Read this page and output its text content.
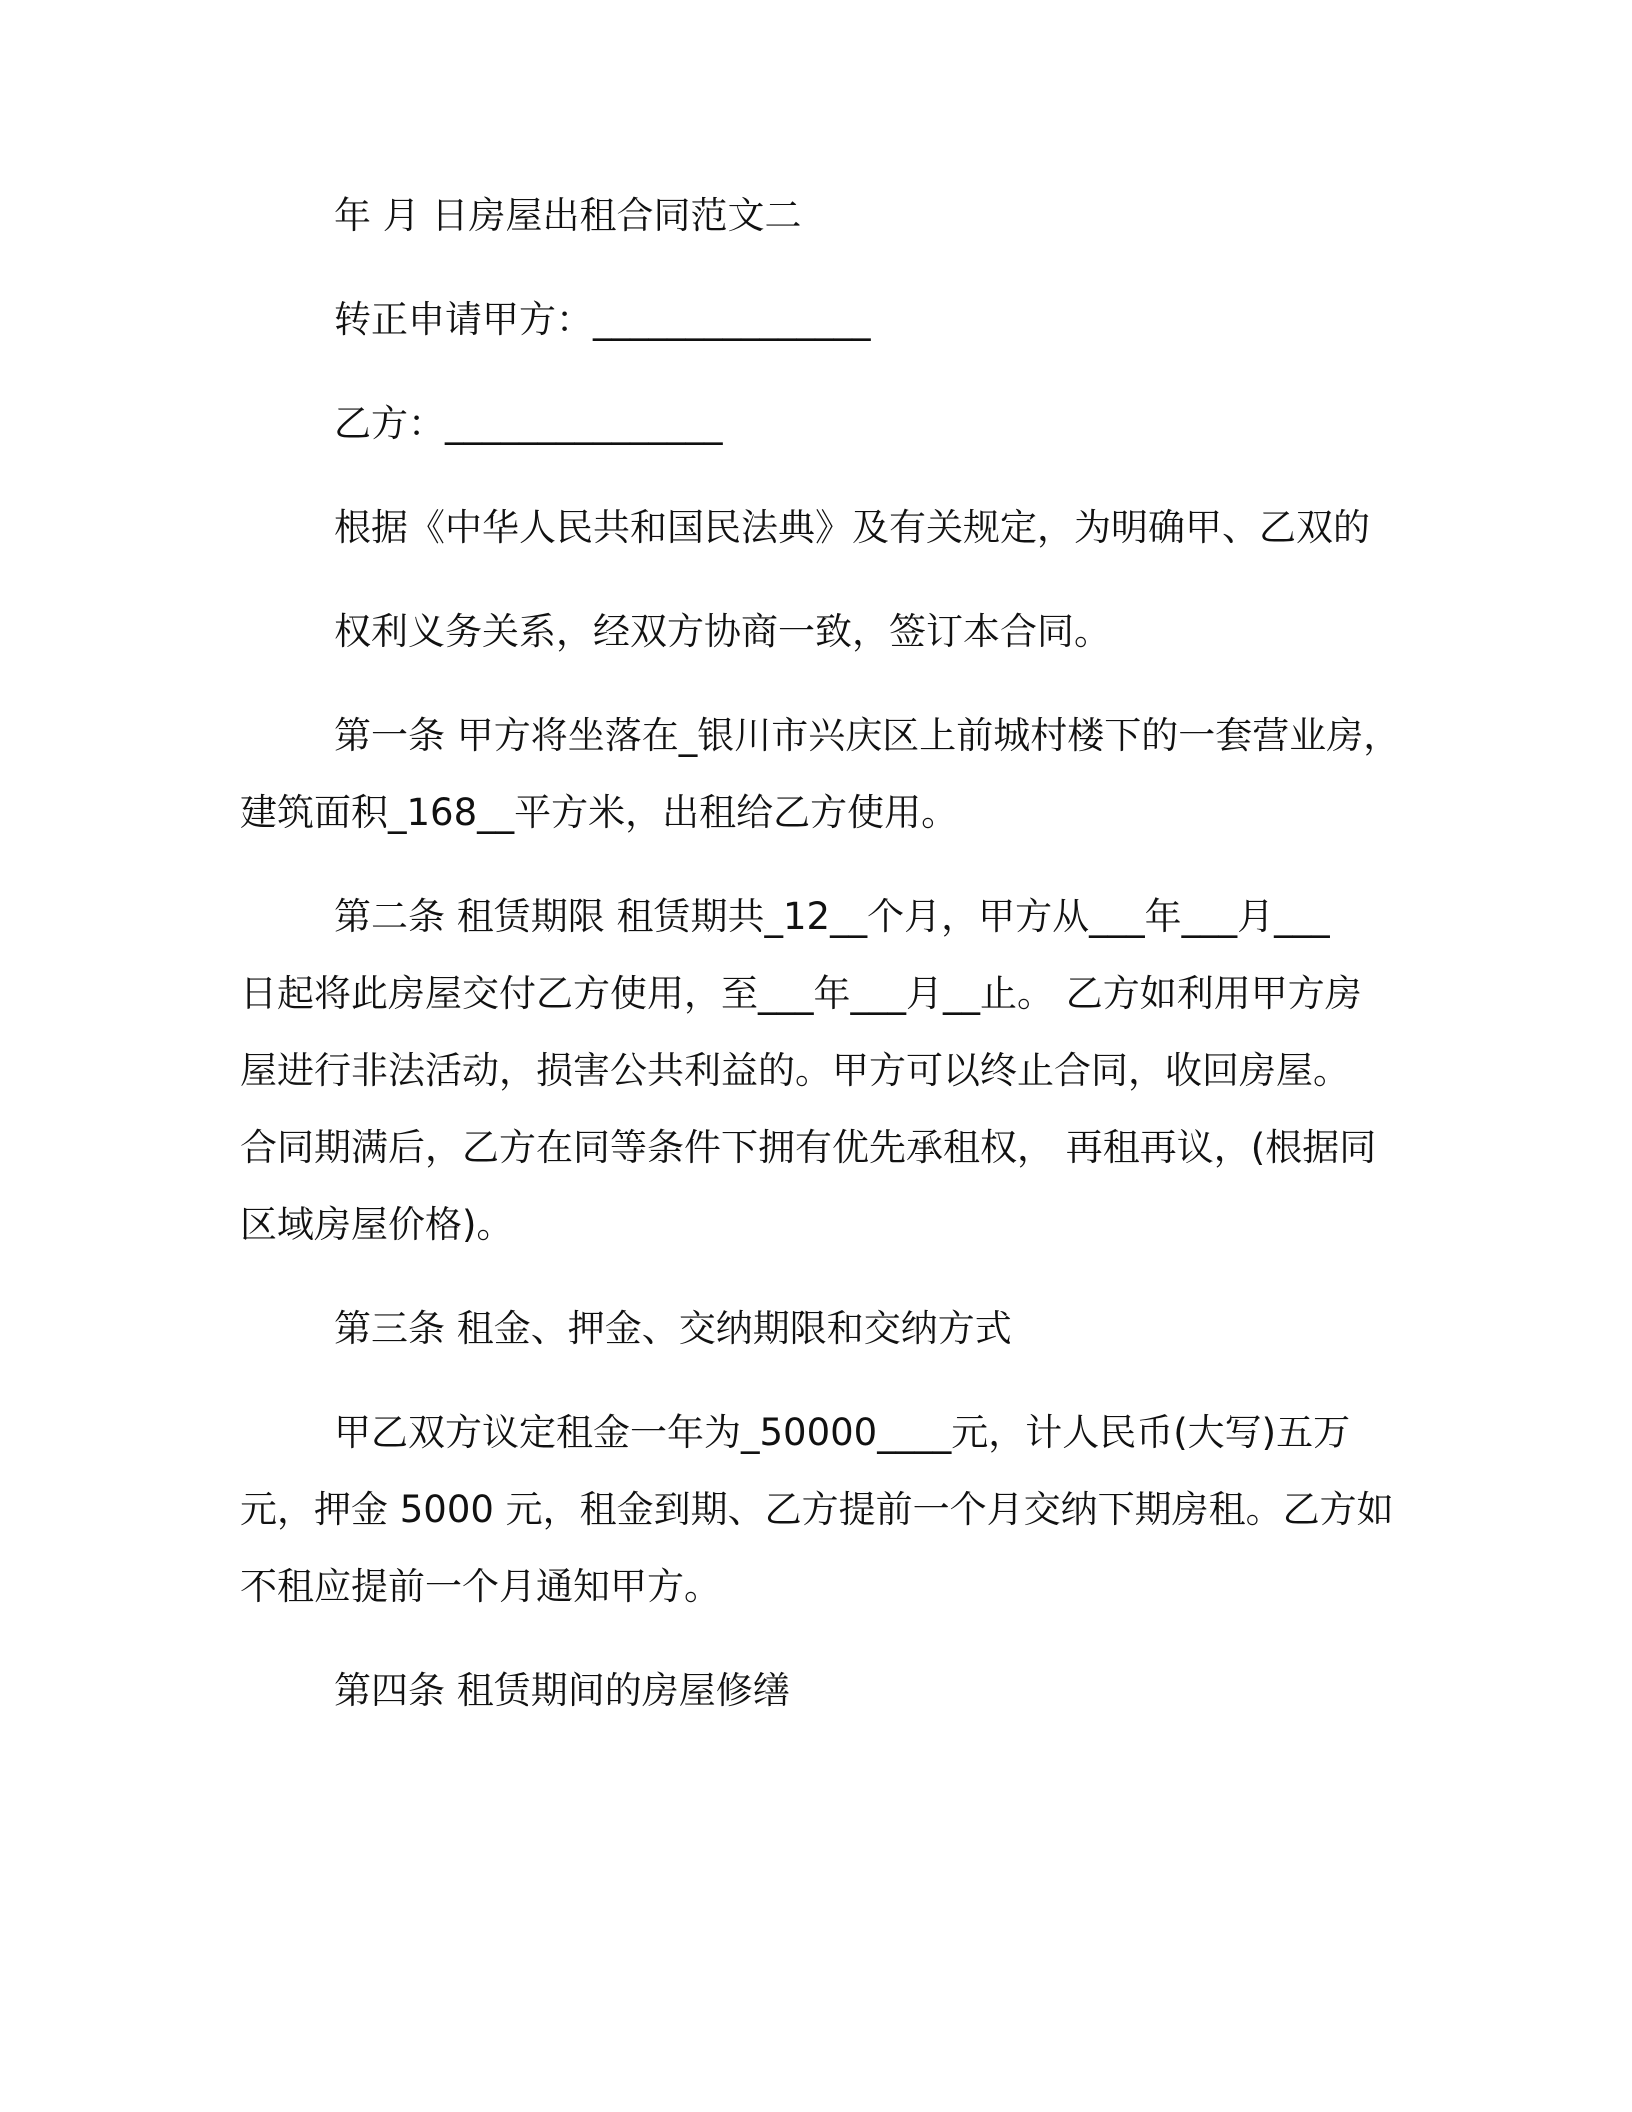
年 月 日房屋出租合同范文二
转正申请甲方：_______________
乙方：_______________
根据《中华人民共和国民法典》及有关规定，为明确甲、乙双的
权利义务关系，经双方协商一致，签订本合同。
第一条 甲方将坐落在_银川市兴庆区上前城村楼下的一套营业房，
建筑面积_168__平方米，出租给乙方使用。
第二条 租赁期限 租赁期共_12__个月，甲方从___年___月___
日起将此房屋交付乙方使用，至___年___月__止。 乙方如利用甲方房
屋进行非法活动，损害公共利益的。甲方可以终止合同，收回房屋。
合同期满后，乙方在同等条件下拥有优先承租权， 再租再议，(根据同
区域房屋价格)。
第三条 租金、押金、交纳期限和交纳方式
甲乙双方议定租金一年为_50000____元，计人民币(大写)五万
元，押金 5000 元，租金到期、乙方提前一个月交纳下期房租。乙方如
不租应提前一个月通知甲方。
第四条 租赁期间的房屋修缮
